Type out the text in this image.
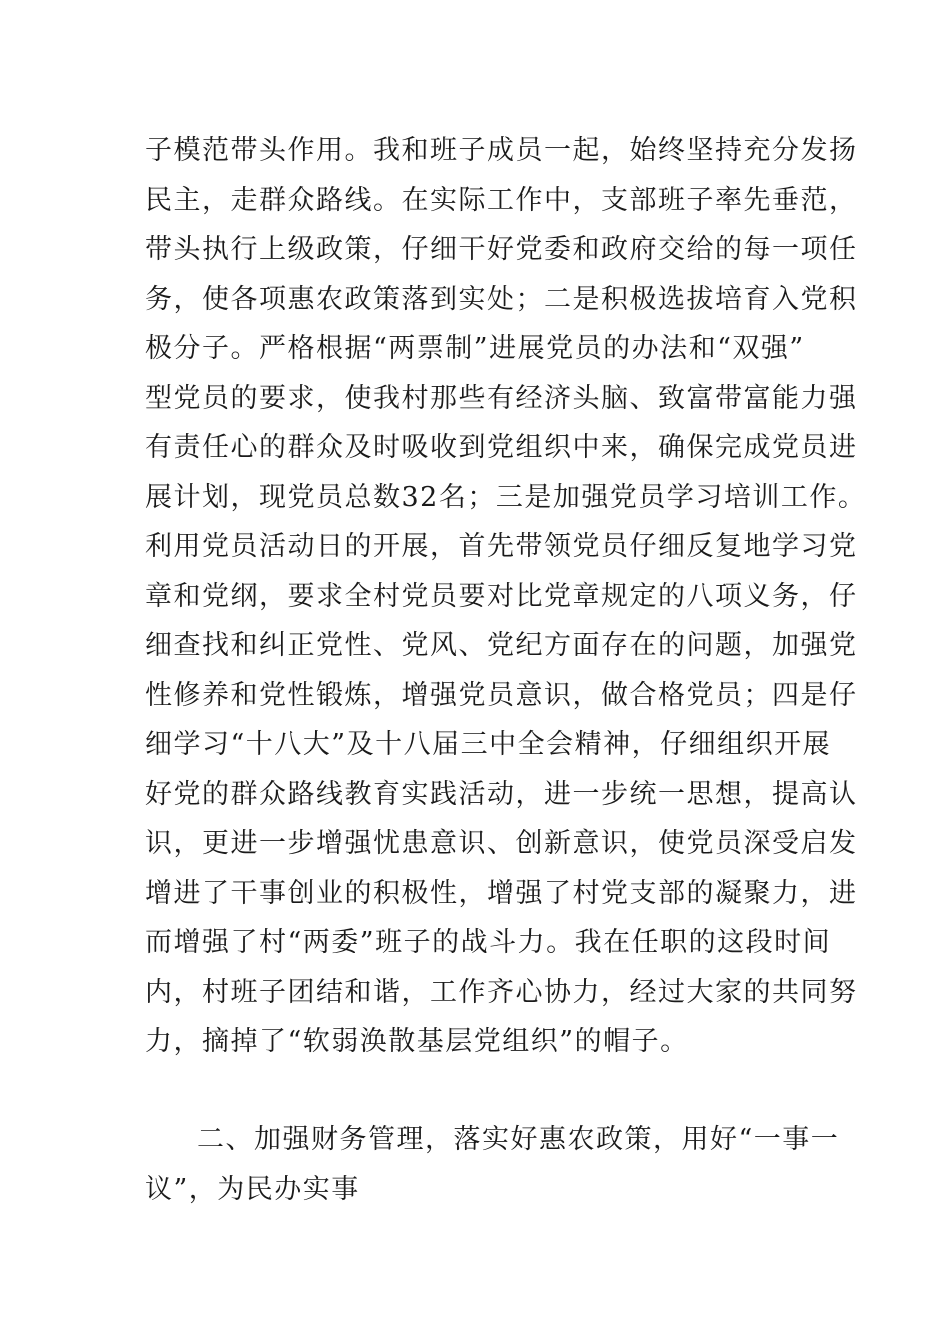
子模范带头作用。我和班子成员一起，始终坚持充分发扬
民主，走群众路线。在实际工作中，支部班子率先垂范，
带头执行上级政策，仔细干好党委和政府交给的每一项任
务，使各项惠农政策落到实处；二是积极选拔培育入党积
极分子。严格根据“两票制”进展党员的办法和“双强”
型党员的要求，使我村那些有经济头脑、致富带富能力强
有责任心的群众及时吸收到党组织中来，确保完成党员进
展计划，现党员总数32名；三是加强党员学习培训工作。
利用党员活动日的开展，首先带领党员仔细反复地学习党
章和党纲，要求全村党员要对比党章规定的八项义务，仔
细查找和纠正党性、党风、党纪方面存在的问题，加强党
性修养和党性锻炼，增强党员意识，做合格党员；四是仔
细学习“十八大”及十八届三中全会精神，仔细组织开展
好党的群众路线教育实践活动，进一步统一思想，提高认
识，更进一步增强忧患意识、创新意识，使党员深受启发
增进了干事创业的积极性，增强了村党支部的凝聚力，进
而增强了村“两委”班子的战斗力。我在任职的这段时间
内，村班子团结和谐，工作齐心协力，经过大家的共同努
力，摘掉了“软弱涣散基层党组织”的帽子。
二、加强财务管理，落实好惠农政策，用好“一事一
议”，为民办实事
